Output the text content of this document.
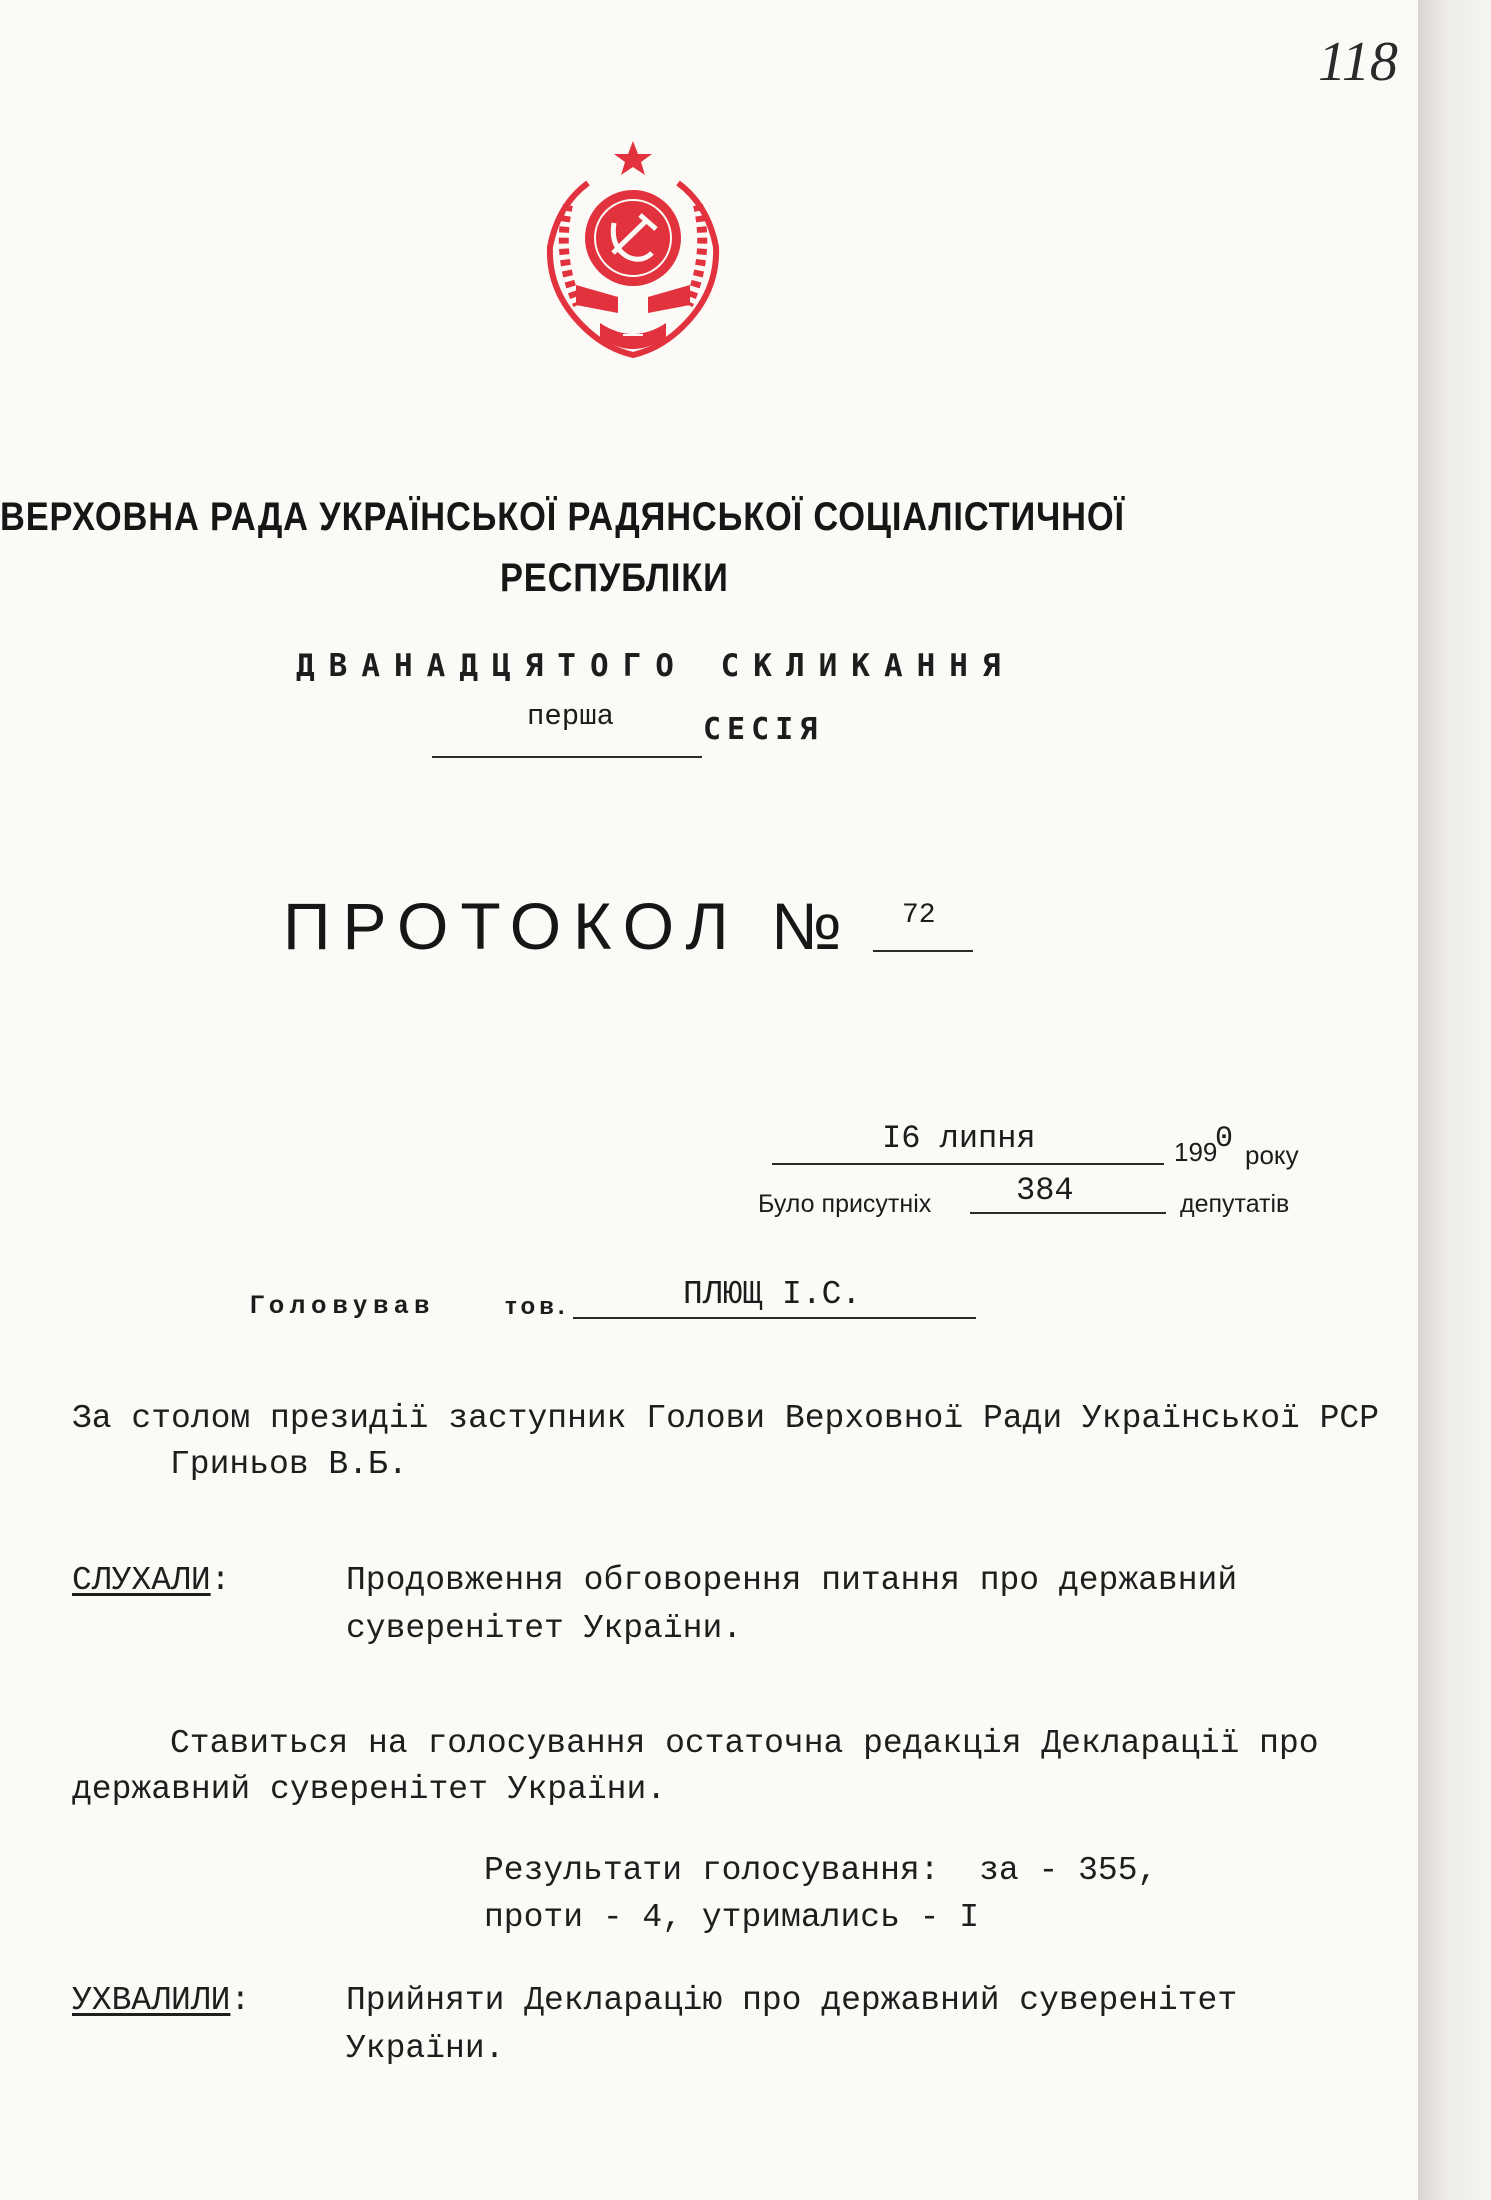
118
ВЕРХОВНА РАДА УКРАЇНСЬКОЇ РАДЯНСЬКОЇ СОЦІАЛІСТИЧНОЇ
РЕСПУБЛІКИ
ДВАНАДЦЯТОГО СКЛИКАННЯ
перша	СЕСІЯ
ПРОТОКОЛ № 72
I6 липня	199
0 року
Було присутніх	384	депутатів
Головував	тов.	ПЛЮЩ І.С.
За столом президії заступник Голови Верховної Ради Української РСР
Гриньов В.Б.
СЛУХАЛИ:	Продовження обговорення питання про державний
суверенітет України.
Ставиться на голосування остаточна редакція Декларації про
державний суверенітет України.
Результати голосування:  за - 355,
проти - 4, утримались - I
УХВАЛИЛИ:	Прийняти Декларацію про державний суверенітет
України.
